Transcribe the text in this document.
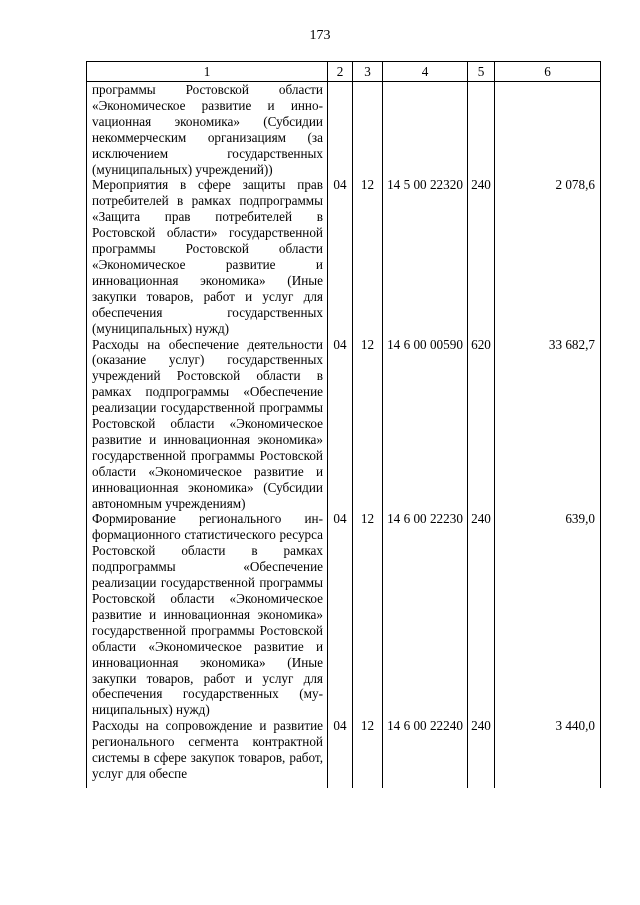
173
1	2	3	4	5	6
программы Ростовской области «Экономическое развитие и инноvационная экономика» (Субсидии некоммерческим организациям (за исключением государственных (муниципальных) учреждений))					
Мероприятия в сфере защиты прав потребителей в рамках подпрограммы «Защита прав потребителей в Ростовской области» государственной программы Ростовской области «Экономическое развитие и инновационная экономика» (Иные закупки товаров, работ и услуг для обеспечения государственных (муниципальных) нужд)	04	12	14 5 00 22320	240	2 078,6
Расходы на обеспечение деятельности (оказание услуг) государственных учреждений Ростовской области в рамках подпрограммы «Обеспечение реализации государственной программы Ростовской области «Экономическое развитие и инновационная экономика» государственной программы Ростовской области «Экономическое развитие и инновационная экономика» (Субсидии автономным учреждениям)	04	12	14 6 00 00590	620	33 682,7
Формирование регионального информационного статистического ресурса Ростовской области в рамках подпрограммы «Обеспечение реализации государственной программы Ростовской области «Экономическое развитие и инновационная экономика» государственной программы Ростовской области «Экономическое развитие и инновационная экономика» (Иные закупки товаров, работ и услуг для обеспечения государственных (муниципальных) нужд)	04	12	14 6 00 22230	240	639,0
Расходы на сопровождение и развитие регионального сегмента контрактной системы в сфере закупок товаров, работ, услуг для обеспе	04	12	14 6 00 22240	240	3 440,0
